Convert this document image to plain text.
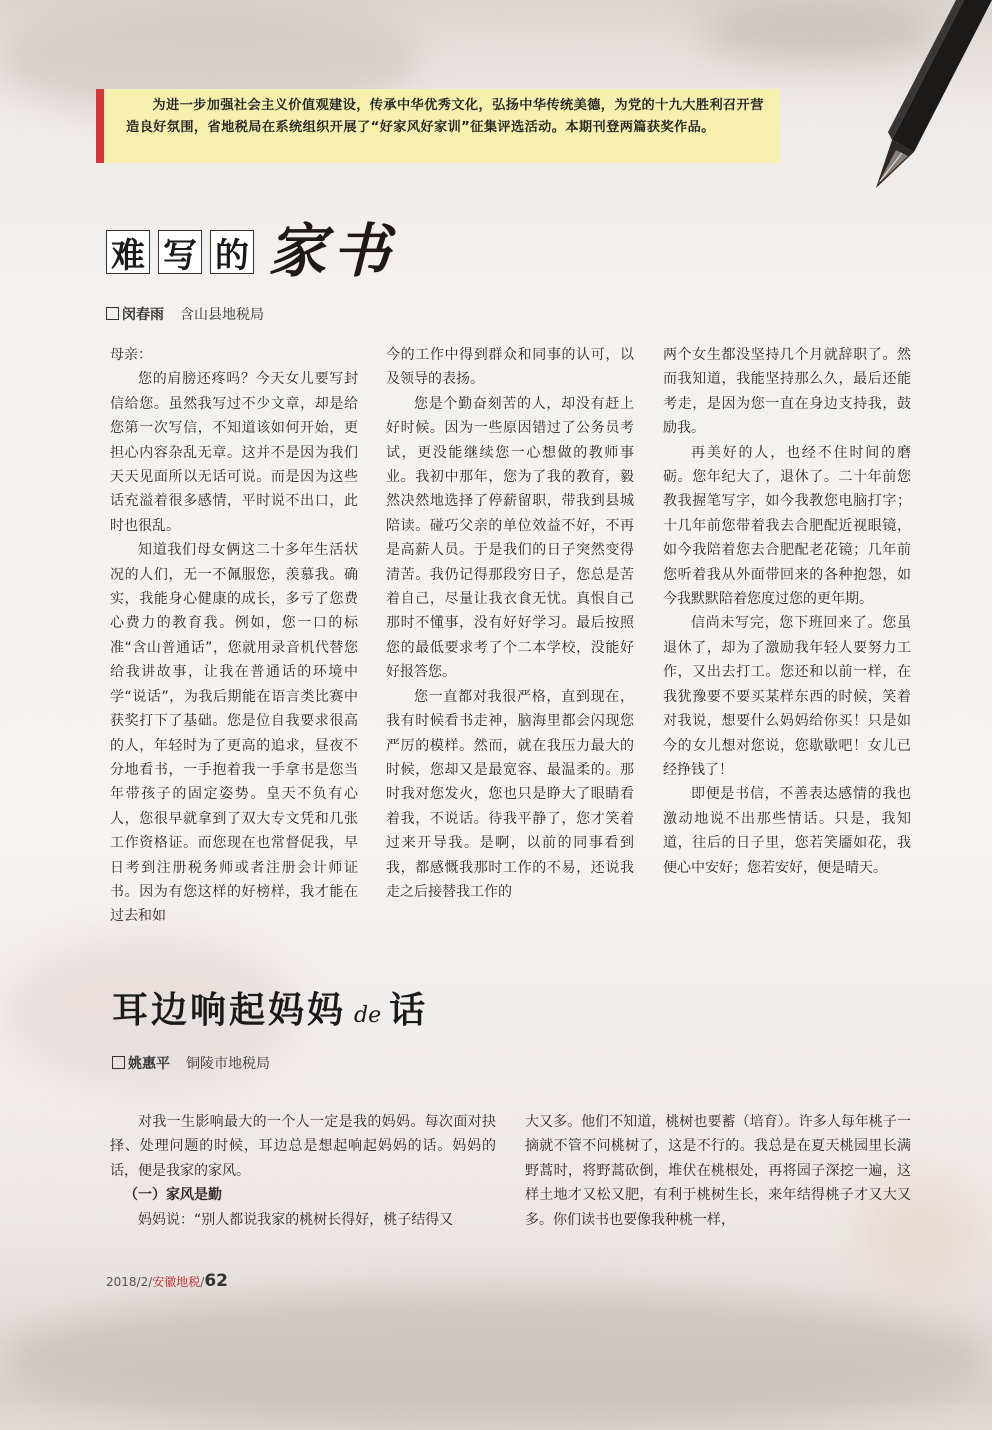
为进一步加强社会主义价值观建设，传承中华优秀文化，弘扬中华传统美德，为党的十九大胜利召开营造良好氛围，省地税局在系统组织开展了“好家风好家训”征集评选活动。本期刊登两篇获奖作品。

难 写 的 家书
闵春雨 含山县地税局

母亲：

您的肩膀还疼吗？今天女儿要写封信给您。虽然我写过不少文章，却是给您第一次写信，不知道该如何开始，更担心内容杂乱无章。这并不是因为我们天天见面所以无话可说。而是因为这些话充溢着很多感情，平时说不出口，此时也很乱。

知道我们母女俩这二十多年生活状况的人们，无一不佩服您，羡慕我。确实，我能身心健康的成长，多亏了您费心费力的教育我。例如，您一口的标准“含山普通话”，您就用录音机代替您给我讲故事，让我在普通话的环境中学“说话”，为我后期能在语言类比赛中获奖打下了基础。您是位自我要求很高的人，年轻时为了更高的追求，昼夜不分地看书，一手抱着我一手拿书是您当年带孩子的固定姿势。皇天不负有心人，您很早就拿到了双大专文凭和几张工作资格证。而您现在也常督促我，早日考到注册税务师或者注册会计师证书。因为有您这样的好榜样，我才能在过去和如

今的工作中得到群众和同事的认可，以及领导的表扬。

您是个勤奋刻苦的人，却没有赶上好时候。因为一些原因错过了公务员考试，更没能继续您一心想做的教师事业。我初中那年，您为了我的教育，毅然决然地选择了停薪留职，带我到县城陪读。碰巧父亲的单位效益不好，不再是高薪人员。于是我们的日子突然变得清苦。我仍记得那段穷日子，您总是苦着自己，尽量让我衣食无忧。真恨自己那时不懂事，没有好好学习。最后按照您的最低要求考了个二本学校，没能好好报答您。

您一直都对我很严格，直到现在，我有时候看书走神，脑海里都会闪现您严厉的模样。然而，就在我压力最大的时候，您却又是最宽容、最温柔的。那时我对您发火，您也只是睁大了眼睛看着我，不说话。待我平静了，您才笑着过来开导我。是啊，以前的同事看到我，都感慨我那时工作的不易，还说我走之后接替我工作的

两个女生都没坚持几个月就辞职了。然而我知道，我能坚持那么久，最后还能考走，是因为您一直在身边支持我，鼓励我。

再美好的人，也经不住时间的磨砺。您年纪大了，退休了。二十年前您教我握笔写字，如今我教您电脑打字；十几年前您带着我去合肥配近视眼镜，如今我陪着您去合肥配老花镜；几年前您听着我从外面带回来的各种抱怨，如今我默默陪着您度过您的更年期。

信尚未写完，您下班回来了。您虽退休了，却为了激励我年轻人要努力工作，又出去打工。您还和以前一样，在我犹豫要不要买某样东西的时候，笑着对我说，想要什么妈妈给你买！只是如今的女儿想对您说，您歇歇吧！女儿已经挣钱了！

即便是书信，不善表达感情的我也激动地说不出那些情话。只是，我知道，往后的日子里，您若笑靥如花，我便心中安好；您若安好，便是晴天。

耳边响起妈妈 de 话
姚惠平 铜陵市地税局

对我一生影响最大的一个人一定是我的妈妈。每次面对抉择、处理问题的时候，耳边总是想起响起妈妈的话。妈妈的话，便是我家的家风。

（一）家风是勤

妈妈说：“别人都说我家的桃树长得好，桃子结得又

大又多。他们不知道，桃树也要蓄（培育）。许多人每年桃子一摘就不管不问桃树了，这是不行的。我总是在夏天桃园里长满野蒿时，将野蒿砍倒，堆伏在桃根处，再将园子深挖一遍，这样土地才又松又肥，有利于桃树生长，来年结得桃子才又大又多。你们读书也要像我种桃一样，

2018/2/安徽地税/62
